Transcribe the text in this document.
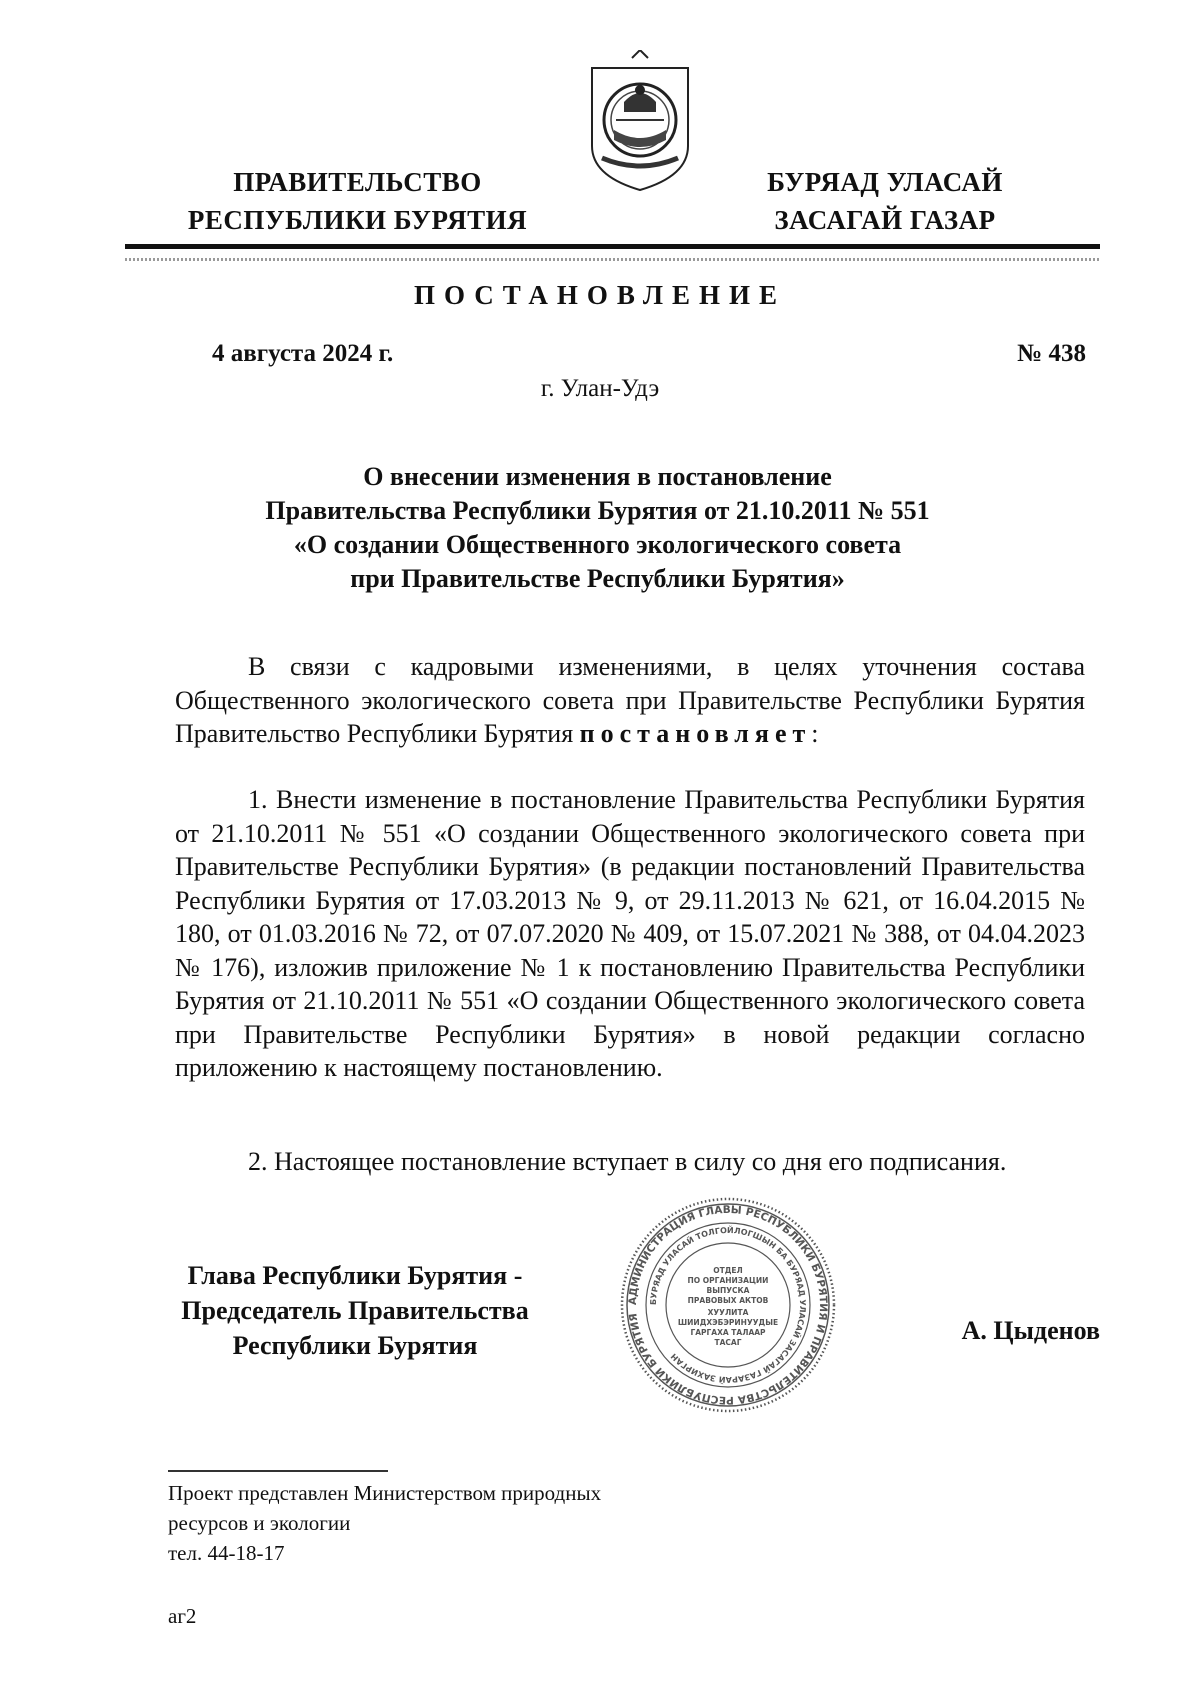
ПРАВИТЕЛЬСТВО
РЕСПУБЛИКИ БУРЯТИЯ
БУРЯАД УЛАСАЙ
ЗАСАГАЙ ГАЗАР
ПОСТАНОВЛЕНИЕ
4 августа 2024 г.	№ 438
г. Улан-Удэ
О внесении изменения в постановление
Правительства Республики Бурятия от 21.10.2011 № 551
«О создании Общественного экологического совета
при Правительстве Республики Бурятия»

В связи с кадровыми изменениями, в целях уточнения состава Общественного экологического совета при Правительстве Республики Бурятия Правительство Республики Бурятия постановляет:

1. Внести изменение в постановление Правительства Республики Бурятия от 21.10.2011 № 551 «О создании Общественного экологического совета при Правительстве Республики Бурятия» (в редакции постановлений Правительства Республики Бурятия от 17.03.2013 № 9, от 29.11.2013 № 621, от 16.04.2015 № 180, от 01.03.2016 № 72, от 07.07.2020 № 409, от 15.07.2021 № 388, от 04.04.2023 № 176), изложив приложение № 1 к постановлению Правительства Республики Бурятия от 21.10.2011 № 551 «О создании Общественного экологического совета при Правительстве Республики Бурятия» в новой редакции согласно приложению к настоящему постановлению.

2. Настоящее постановление вступает в силу со дня его подписания.

Глава Республики Бурятия -
Председатель Правительства
Республики Бурятия
АДМИНИСТРАЦИЯ ГЛАВЫ РЕСПУБЛИКИ БУРЯТИЯ И ПРАВИТЕЛЬСТВА РЕСПУБЛИКИ БУРЯТИЯ
БУРЯАД УЛАСАЙ ТОЛГОЙЛОГШЫН БА БУРЯАД УЛАСАЙ ЗАСАГАЙ ГАЗАРАЙ ЗАХИРГАН
ОТДЕЛ
ПО ОРГАНИЗАЦИИ
ВЫПУСКА
ПРАВОВЫХ АКТОВ
ХУУЛИТА
ШИИДХЭБЭРИНУУДЫЕ
ГАРГАХА ТАЛААР
ТАСАГ	А. Цыденов
Проект представлен Министерством природных
ресурсов и экологии
тел. 44-18-17
аг2
